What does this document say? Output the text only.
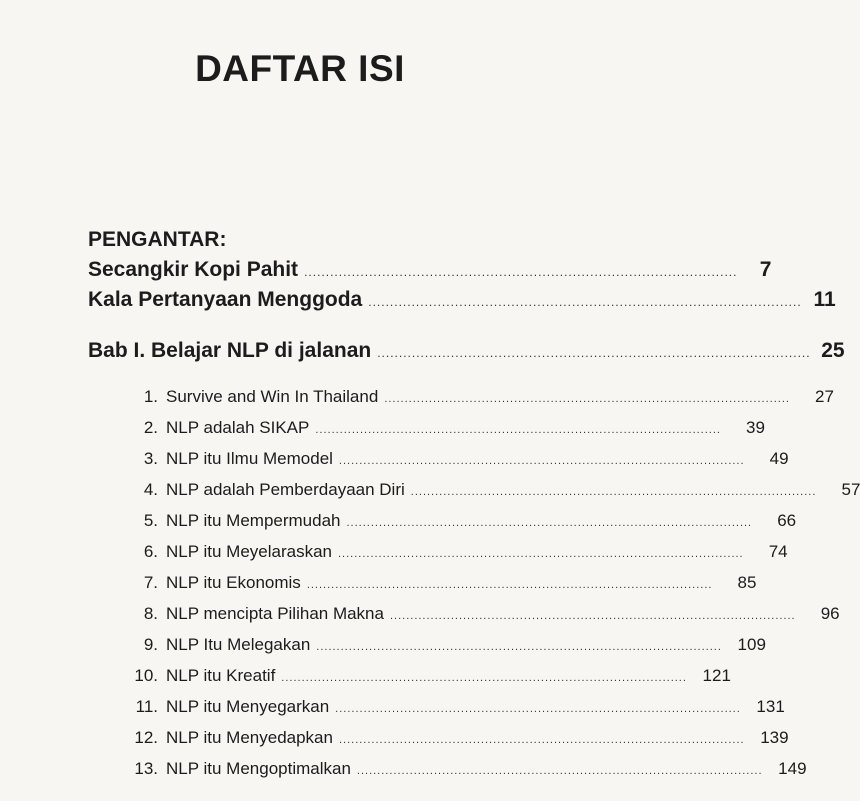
DAFTAR ISI
PENGANTAR:
Secangkir Kopi Pahit ....................................................................................................	7
Kala Pertanyaan Menggoda .................................................................................................... 11
Bab I. Belajar NLP di jalanan .................................................................................................... 25
1. Survive and Win In Thailand ....................................................................................................	27
2. NLP adalah SIKAP ....................................................................................................	39
3. NLP itu Ilmu Memodel ....................................................................................................	49
4. NLP adalah Pemberdayaan Diri ....................................................................................................	57
5. NLP itu Mempermudah ....................................................................................................	66
6. NLP itu Meyelaraskan ....................................................................................................	74
7. NLP itu Ekonomis ....................................................................................................	85
8. NLP mencipta Pilihan Makna ....................................................................................................	96
9. NLP Itu Melegakan .................................................................................................... 109
10. NLP itu Kreatif .................................................................................................... 121
11. NLP itu Menyegarkan .................................................................................................... 131
12. NLP itu Menyedapkan .................................................................................................... 139
13. NLP itu Mengoptimalkan .................................................................................................... 149
